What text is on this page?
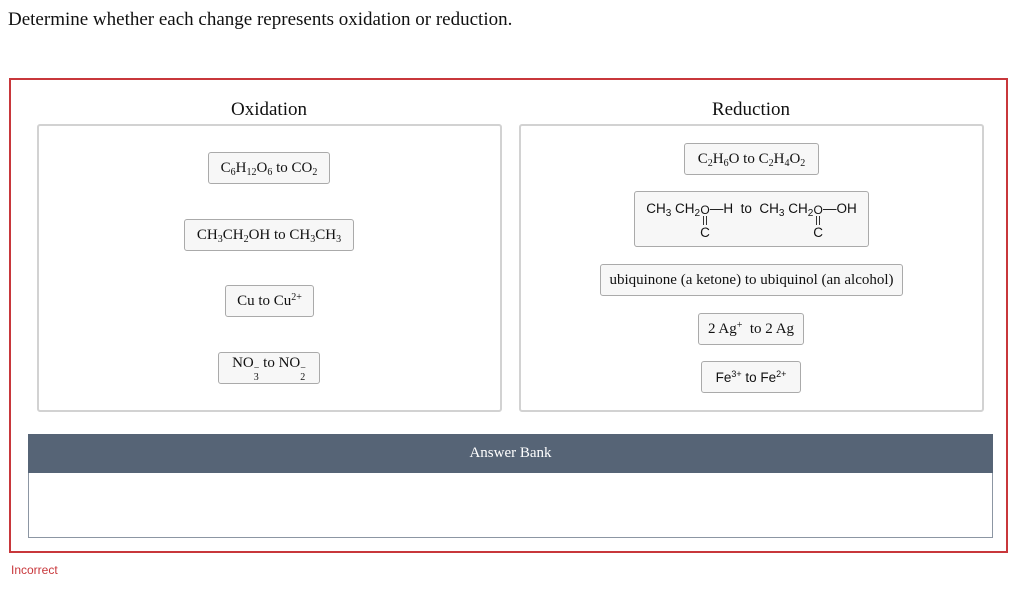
Determine whether each change represents oxidation or reduction.
Oxidation	Reduction
$C_6H_{12}O_6$ to $CO_2$
$CH_3CH_2OH$ to $CH_3CH_3$
Cu to $Cu^{2+}$
NO −
3
to NO −
2
$C_2H_6O$ to $C_2H_4O_2$
$CH_3$ $CH_2$ O
C
—H  to  $CH_3$ $CH_2$ O
C
—OH
ubiquinone (a ketone) to ubiquinol (an alcohol)
2 Ag+  to 2 Ag
$Fe^{3+}$ to $Fe^{2+}$
Answer Bank
Incorrect
